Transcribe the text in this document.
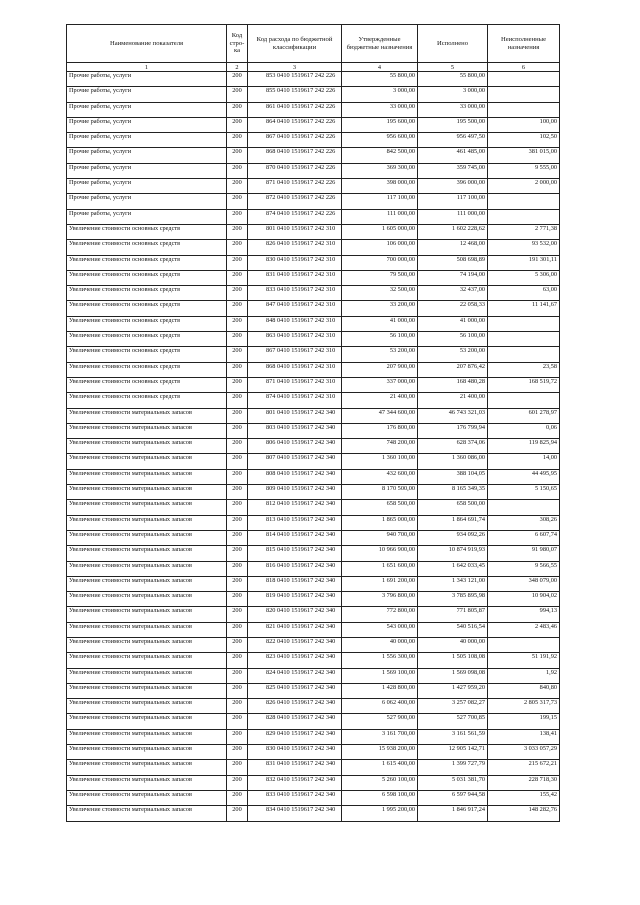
Наименование показателя	Код стро- ка	Код расхода по бюджетной классификации	Утвержденные бюджетные назначения	Исполнено	Неисполненные назначения
1	2	3	4	5	6
Прочие работы, услуги	200	853 0410 1519617 242 226	55 800,00	55 800,00	
Прочие работы, услуги	200	855 0410 1519617 242 226	3 000,00	3 000,00	
Прочие работы, услуги	200	861 0410 1519617 242 226	33 000,00	33 000,00	
Прочие работы, услуги	200	864 0410 1519617 242 226	195 600,00	195 500,00	100,00
Прочие работы, услуги	200	867 0410 1519617 242 226	956 600,00	956 497,50	102,50
Прочие работы, услуги	200	868 0410 1519617 242 226	842 500,00	461 485,00	381 015,00
Прочие работы, услуги	200	870 0410 1519617 242 226	369 300,00	359 745,00	9 555,00
Прочие работы, услуги	200	871 0410 1519617 242 226	398 000,00	396 000,00	2 000,00
Прочие работы, услуги	200	872 0410 1519617 242 226	117 100,00	117 100,00	
Прочие работы, услуги	200	874 0410 1519617 242 226	111 000,00	111 000,00	
Увеличение стоимости основных средств	200	801 0410 1519617 242 310	1 605 000,00	1 602 228,62	2 771,38
Увеличение стоимости основных средств	200	826 0410 1519617 242 310	106 000,00	12 468,00	93 532,00
Увеличение стоимости основных средств	200	830 0410 1519617 242 310	700 000,00	508 698,89	191 301,11
Увеличение стоимости основных средств	200	831 0410 1519617 242 310	79 500,00	74 194,00	5 306,00
Увеличение стоимости основных средств	200	833 0410 1519617 242 310	32 500,00	32 437,00	63,00
Увеличение стоимости основных средств	200	847 0410 1519617 242 310	33 200,00	22 058,33	11 141,67
Увеличение стоимости основных средств	200	848 0410 1519617 242 310	41 000,00	41 000,00	
Увеличение стоимости основных средств	200	863 0410 1519617 242 310	56 100,00	56 100,00	
Увеличение стоимости основных средств	200	867 0410 1519617 242 310	53 200,00	53 200,00	
Увеличение стоимости основных средств	200	868 0410 1519617 242 310	207 900,00	207 876,42	23,58
Увеличение стоимости основных средств	200	871 0410 1519617 242 310	337 000,00	168 480,28	168 519,72
Увеличение стоимости основных средств	200	874 0410 1519617 242 310	21 400,00	21 400,00	
Увеличение стоимости материальных запасов	200	801 0410 1519617 242 340	47 344 600,00	46 743 321,03	601 278,97
Увеличение стоимости материальных запасов	200	803 0410 1519617 242 340	176 800,00	176 799,94	0,06
Увеличение стоимости материальных запасов	200	806 0410 1519617 242 340	748 200,00	628 374,06	119 825,94
Увеличение стоимости материальных запасов	200	807 0410 1519617 242 340	1 360 100,00	1 360 086,00	14,00
Увеличение стоимости материальных запасов	200	808 0410 1519617 242 340	432 600,00	388 104,05	44 495,95
Увеличение стоимости материальных запасов	200	809 0410 1519617 242 340	8 170 500,00	8 165 349,35	5 150,65
Увеличение стоимости материальных запасов	200	812 0410 1519617 242 340	658 500,00	658 500,00	
Увеличение стоимости материальных запасов	200	813 0410 1519617 242 340	1 865 000,00	1 864 691,74	308,26
Увеличение стоимости материальных запасов	200	814 0410 1519617 242 340	940 700,00	934 092,26	6 607,74
Увеличение стоимости материальных запасов	200	815 0410 1519617 242 340	10 966 900,00	10 874 919,93	91 980,07
Увеличение стоимости материальных запасов	200	816 0410 1519617 242 340	1 651 600,00	1 642 033,45	9 566,55
Увеличение стоимости материальных запасов	200	818 0410 1519617 242 340	1 691 200,00	1 343 121,00	348 079,00
Увеличение стоимости материальных запасов	200	819 0410 1519617 242 340	3 796 800,00	3 785 895,98	10 904,02
Увеличение стоимости материальных запасов	200	820 0410 1519617 242 340	772 800,00	771 805,87	994,13
Увеличение стоимости материальных запасов	200	821 0410 1519617 242 340	543 000,00	540 516,54	2 483,46
Увеличение стоимости материальных запасов	200	822 0410 1519617 242 340	40 000,00	40 000,00	
Увеличение стоимости материальных запасов	200	823 0410 1519617 242 340	1 556 300,00	1 505 108,08	51 191,92
Увеличение стоимости материальных запасов	200	824 0410 1519617 242 340	1 569 100,00	1 569 098,08	1,92
Увеличение стоимости материальных запасов	200	825 0410 1519617 242 340	1 428 800,00	1 427 959,20	840,80
Увеличение стоимости материальных запасов	200	826 0410 1519617 242 340	6 062 400,00	3 257 082,27	2 805 317,73
Увеличение стоимости материальных запасов	200	828 0410 1519617 242 340	527 900,00	527 700,85	199,15
Увеличение стоимости материальных запасов	200	829 0410 1519617 242 340	3 161 700,00	3 161 561,59	138,41
Увеличение стоимости материальных запасов	200	830 0410 1519617 242 340	15 938 200,00	12 905 142,71	3 033 057,29
Увеличение стоимости материальных запасов	200	831 0410 1519617 242 340	1 615 400,00	1 399 727,79	215 672,21
Увеличение стоимости материальных запасов	200	832 0410 1519617 242 340	5 260 100,00	5 031 381,70	228 718,30
Увеличение стоимости материальных запасов	200	833 0410 1519617 242 340	6 598 100,00	6 597 944,58	155,42
Увеличение стоимости материальных запасов	200	834 0410 1519617 242 340	1 995 200,00	1 846 917,24	148 282,76
